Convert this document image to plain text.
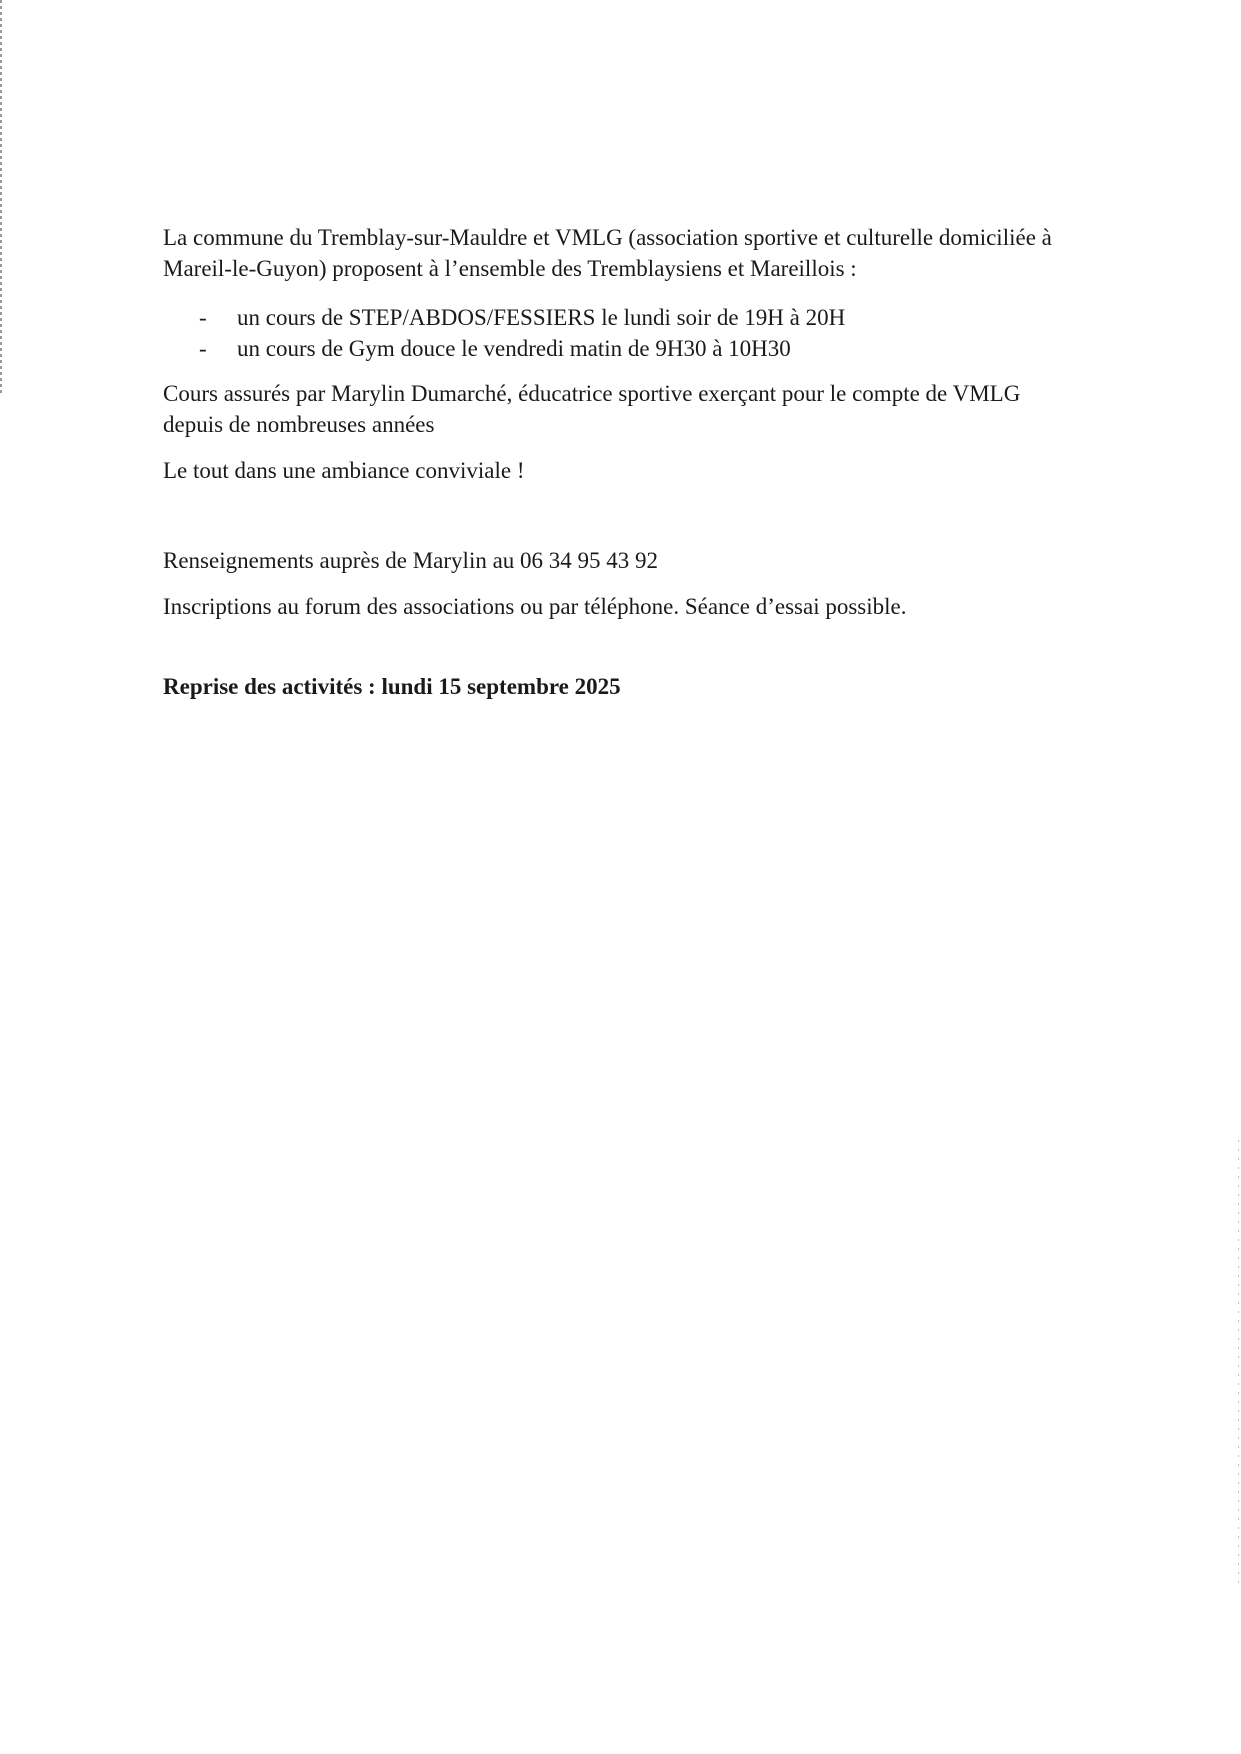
La commune du Tremblay-sur-Mauldre et VMLG (association sportive et culturelle domiciliée à Mareil-le-Guyon) proposent à l’ensemble des Tremblaysiens et Mareillois :

- un cours de STEP/ABDOS/FESSIERS le lundi soir de 19H à 20H
- un cours de Gym douce le vendredi matin de 9H30 à 10H30

Cours assurés par Marylin Dumarché, éducatrice sportive exerçant pour le compte de VMLG depuis de nombreuses années

Le tout dans une ambiance conviviale !

Renseignements auprès de Marylin au 06 34 95 43 92

Inscriptions au forum des associations ou par téléphone. Séance d’essai possible.

Reprise des activités : lundi 15 septembre 2025
